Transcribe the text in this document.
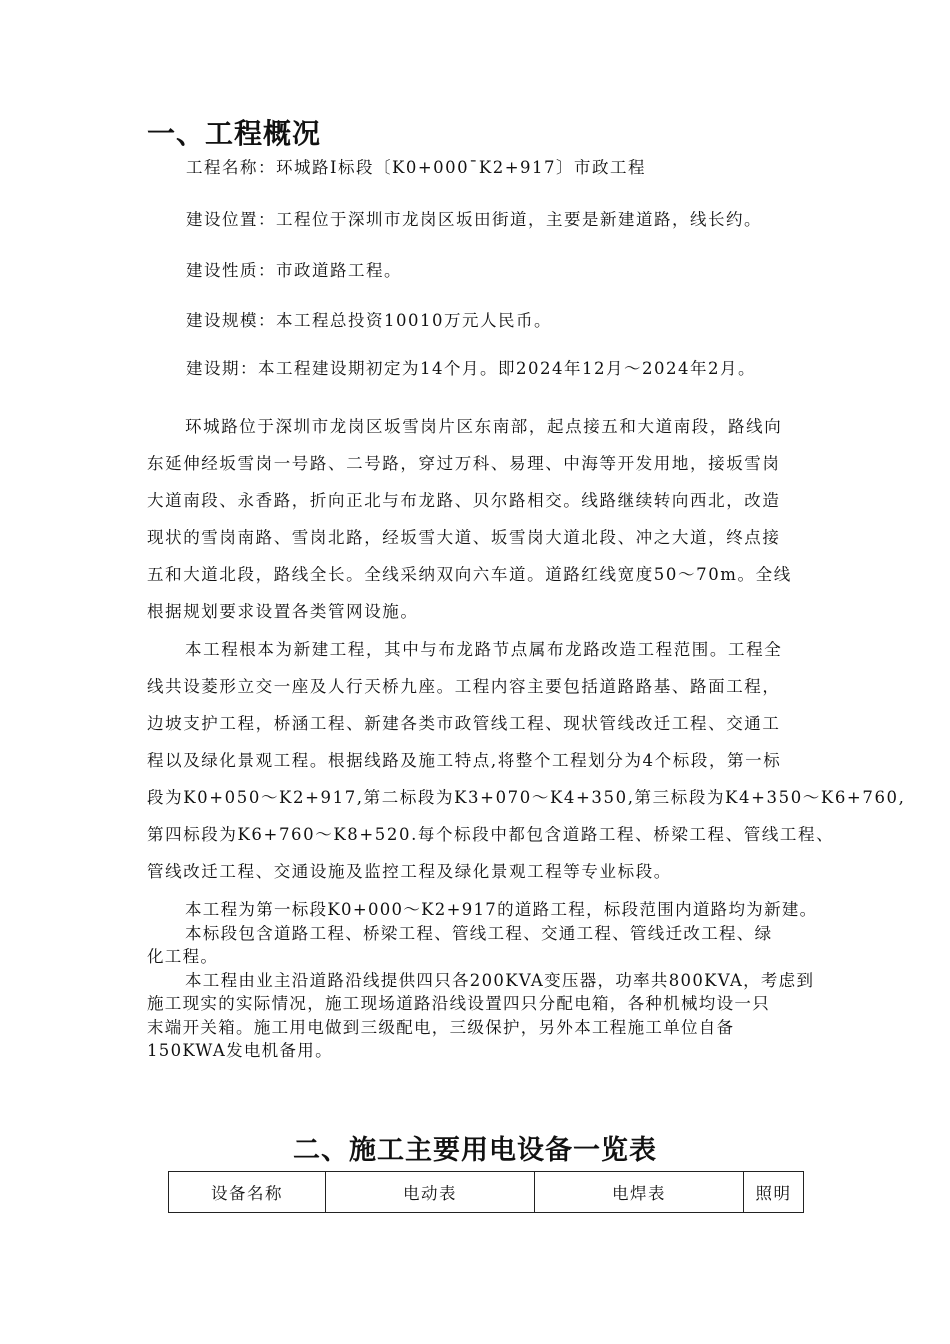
一、工程概况
工程名称：环城路Ⅰ标段〔K0+000¯K2+917〕市政工程
建设位置：工程位于深圳市龙岗区坂田街道，主要是新建道路，线长约。
建设性质：市政道路工程。
建设规模：本工程总投资10010万元人民币。
建设期：本工程建设期初定为14个月。即2024年12月～2024年2月。
环城路位于深圳市龙岗区坂雪岗片区东南部，起点接五和大道南段，路线向
东延伸经坂雪岗一号路、二号路，穿过万科、易理、中海等开发用地，接坂雪岗
大道南段、永香路，折向正北与布龙路、贝尔路相交。线路继续转向西北，改造
现状的雪岗南路、雪岗北路，经坂雪大道、坂雪岗大道北段、冲之大道，终点接
五和大道北段，路线全长。全线采纳双向六车道。道路红线宽度50～70m。全线
根据规划要求设置各类管网设施。
本工程根本为新建工程，其中与布龙路节点属布龙路改造工程范围。工程全
线共设菱形立交一座及人行天桥九座。工程内容主要包括道路路基、路面工程，
边坡支护工程，桥涵工程、新建各类市政管线工程、现状管线改迁工程、交通工
程以及绿化景观工程。根据线路及施工特点,将整个工程划分为4个标段，第一标
段为K0+050～K2+917,第二标段为K3+070～K4+350,第三标段为K4+350～K6+760,
第四标段为K6+760～K8+520.每个标段中都包含道路工程、桥梁工程、管线工程、
管线改迁工程、交通设施及监控工程及绿化景观工程等专业标段。
本工程为第一标段K0+000～K2+917的道路工程，标段范围内道路均为新建。
本标段包含道路工程、桥梁工程、管线工程、交通工程、管线迁改工程、绿
化工程。
本工程由业主沿道路沿线提供四只各200KVA变压器，功率共800KVA，考虑到
施工现实的实际情况，施工现场道路沿线设置四只分配电箱，各种机械均设一只
末端开关箱。施工用电做到三级配电，三级保护，另外本工程施工单位自备
150KWA发电机备用。
二、施工主要用电设备一览表
设备名称	电动表	电焊表	照明
